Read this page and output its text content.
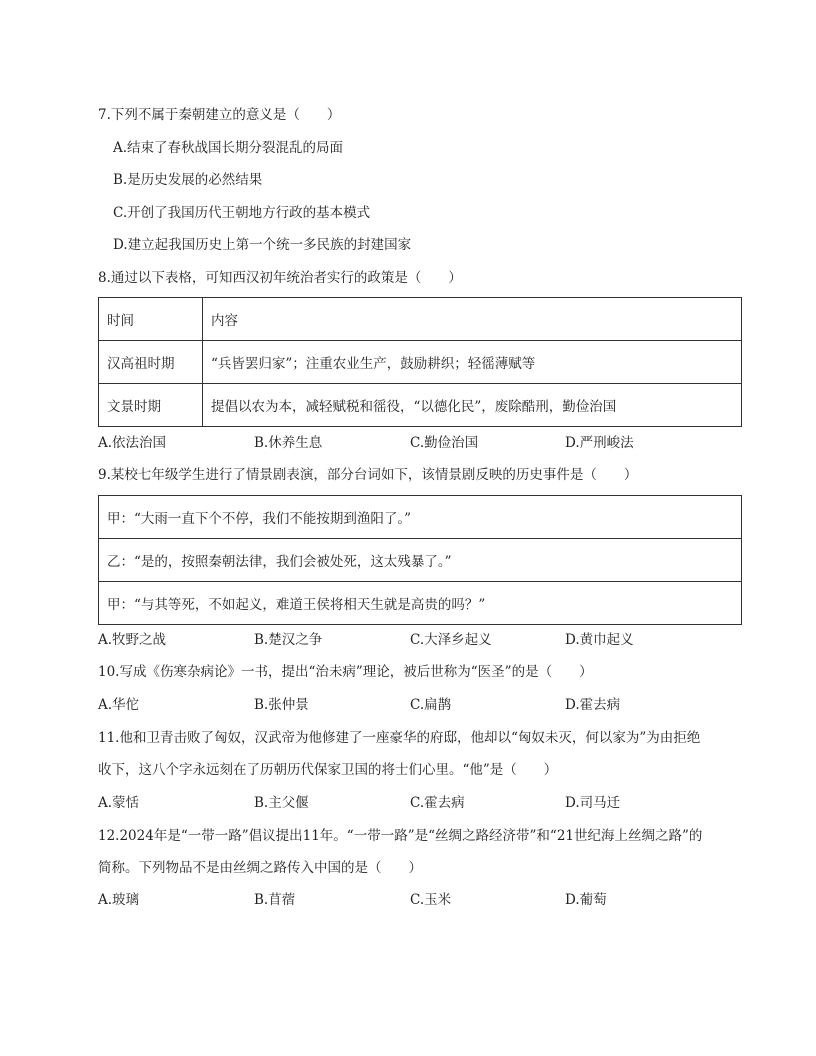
7.下列不属于秦朝建立的意义是（　　）
A.结束了春秋战国长期分裂混乱的局面
B.是历史发展的必然结果
C.开创了我国历代王朝地方行政的基本模式
D.建立起我国历史上第一个统一多民族的封建国家
8.通过以下表格，可知西汉初年统治者实行的政策是（　　）
时间	内容
汉高祖时期	“兵皆罢归家”；注重农业生产，鼓励耕织；轻徭薄赋等
文景时期	提倡以农为本，减轻赋税和徭役，“以德化民”，废除酷刑，勤俭治国
A.依法治国	B.休养生息	C.勤俭治国	D.严刑峻法
9.某校七年级学生进行了情景剧表演，部分台词如下，该情景剧反映的历史事件是（　　）
甲：“大雨一直下个不停，我们不能按期到渔阳了。”
乙：“是的，按照秦朝法律，我们会被处死，这太残暴了。”
甲：“与其等死，不如起义，难道王侯将相天生就是高贵的吗？”
A.牧野之战	B.楚汉之争	C.大泽乡起义	D.黄巾起义
10.写成《伤寒杂病论》一书，提出“治未病”理论，被后世称为“医圣”的是（　　）
A.华佗	B.张仲景	C.扁鹊	D.霍去病
11.他和卫青击败了匈奴，汉武帝为他修建了一座豪华的府邸，他却以“匈奴未灭，何以家为”为由拒绝
收下，这八个字永远刻在了历朝历代保家卫国的将士们心里。“他”是（　　）
A.蒙恬	B.主父偃	C.霍去病	D.司马迁
12.2024年是“一带一路”倡议提出11年。“一带一路”是“丝绸之路经济带”和“21世纪海上丝绸之路”的
简称。下列物品不是由丝绸之路传入中国的是（　　）
A.玻璃	B.苜蓿	C.玉米	D.葡萄
